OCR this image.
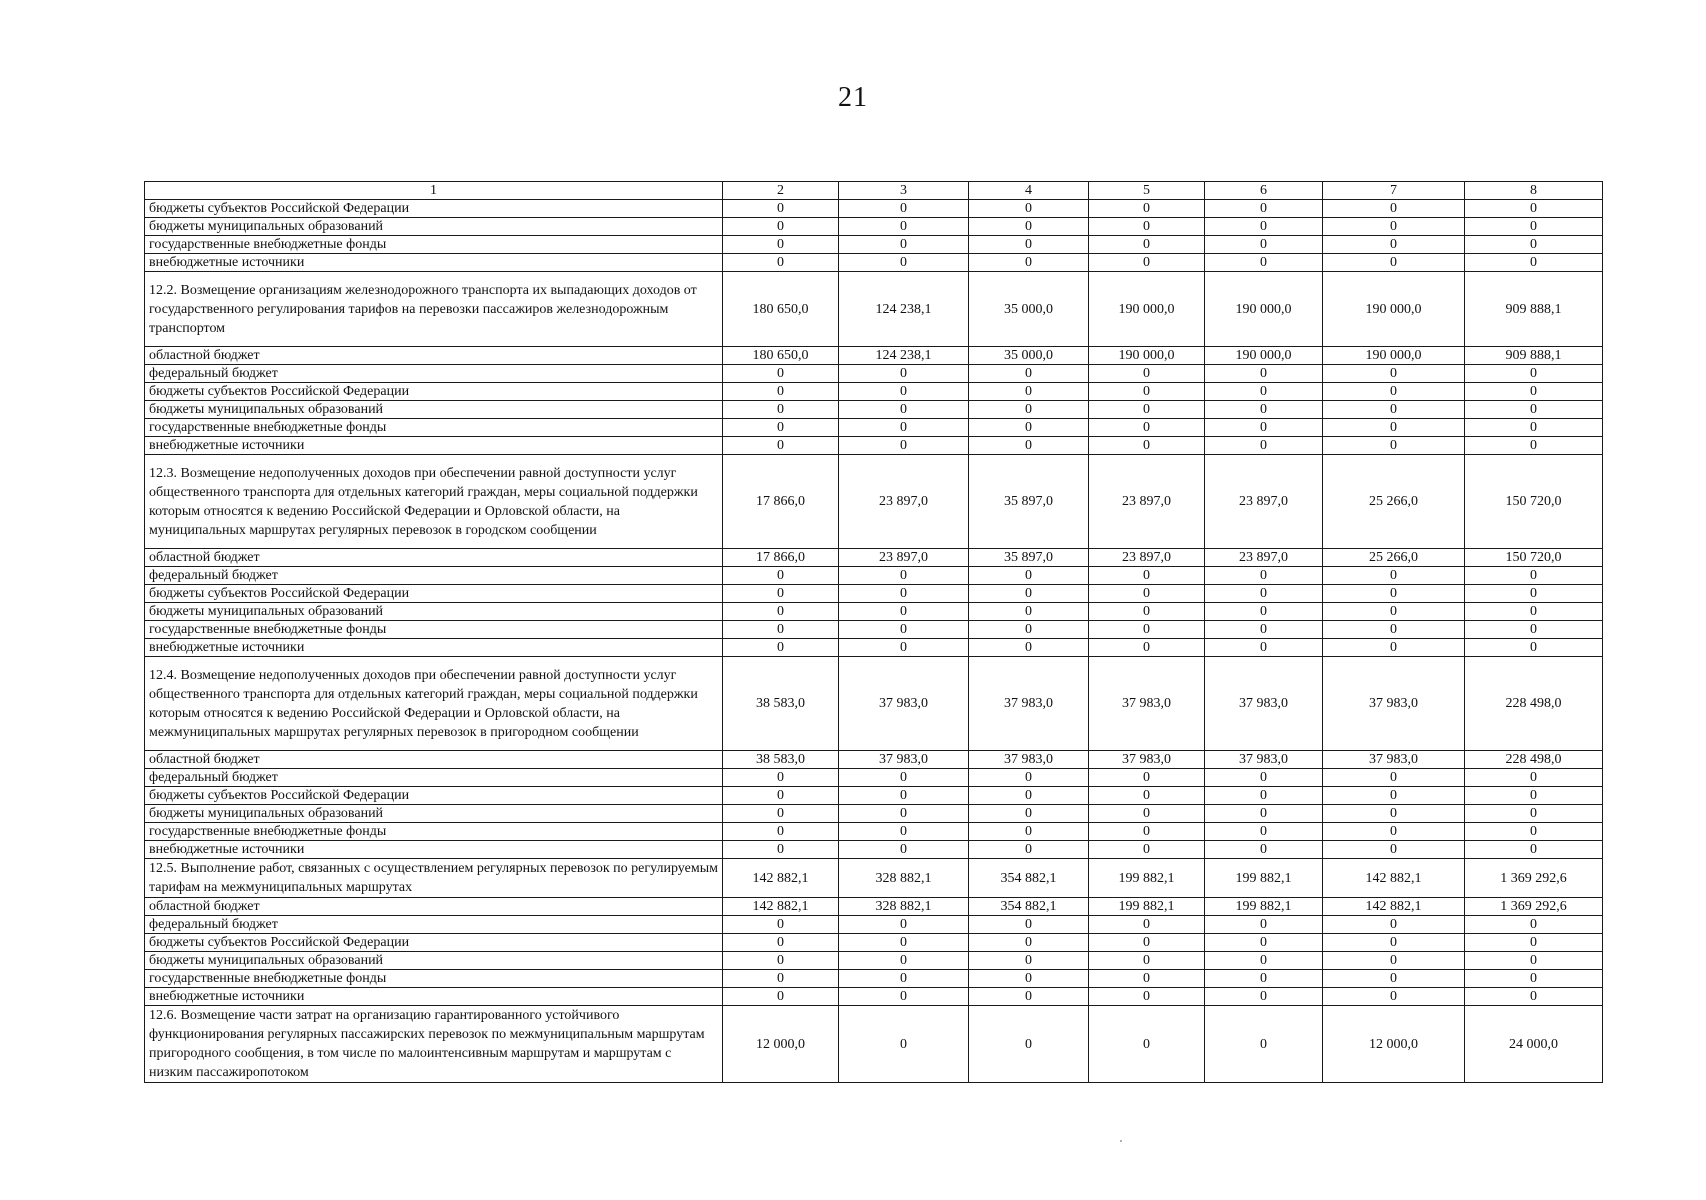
21
1	2	3	4	5	6	7	8
бюджеты субъектов Российской Федерации	0	0	0	0	0	0	0
бюджеты муниципальных образований	0	0	0	0	0	0	0
государственные внебюджетные фонды	0	0	0	0	0	0	0
внебюджетные источники	0	0	0	0	0	0	0
12.2. Возмещение организациям железнодорожного транспорта их выпадающих доходов от государственного регулирования тарифов на перевозки пассажиров железнодорожным транспортом	180 650,0	124 238,1	35 000,0	190 000,0	190 000,0	190 000,0	909 888,1
областной бюджет	180 650,0	124 238,1	35 000,0	190 000,0	190 000,0	190 000,0	909 888,1
федеральный бюджет	0	0	0	0	0	0	0
бюджеты субъектов Российской Федерации	0	0	0	0	0	0	0
бюджеты муниципальных образований	0	0	0	0	0	0	0
государственные внебюджетные фонды	0	0	0	0	0	0	0
внебюджетные источники	0	0	0	0	0	0	0
12.3. Возмещение недополученных доходов при обеспечении равной доступности услуг общественного транспорта для отдельных категорий граждан, меры социальной поддержки которым относятся к ведению Российской Федерации и Орловской области, на муниципальных маршрутах регулярных перевозок в городском сообщении	17 866,0	23 897,0	35 897,0	23 897,0	23 897,0	25 266,0	150 720,0
областной бюджет	17 866,0	23 897,0	35 897,0	23 897,0	23 897,0	25 266,0	150 720,0
федеральный бюджет	0	0	0	0	0	0	0
бюджеты субъектов Российской Федерации	0	0	0	0	0	0	0
бюджеты муниципальных образований	0	0	0	0	0	0	0
государственные внебюджетные фонды	0	0	0	0	0	0	0
внебюджетные источники	0	0	0	0	0	0	0
12.4. Возмещение недополученных доходов при обеспечении равной доступности услуг общественного транспорта для отдельных категорий граждан, меры социальной поддержки которым относятся к ведению Российской Федерации и Орловской области, на межмуниципальных маршрутах регулярных перевозок в пригородном сообщении	38 583,0	37 983,0	37 983,0	37 983,0	37 983,0	37 983,0	228 498,0
областной бюджет	38 583,0	37 983,0	37 983,0	37 983,0	37 983,0	37 983,0	228 498,0
федеральный бюджет	0	0	0	0	0	0	0
бюджеты субъектов Российской Федерации	0	0	0	0	0	0	0
бюджеты муниципальных образований	0	0	0	0	0	0	0
государственные внебюджетные фонды	0	0	0	0	0	0	0
внебюджетные источники	0	0	0	0	0	0	0
12.5. Выполнение работ, связанных с осуществлением регулярных перевозок по регулируемым тарифам на межмуниципальных маршрутах	142 882,1	328 882,1	354 882,1	199 882,1	199 882,1	142 882,1	1 369 292,6
областной бюджет	142 882,1	328 882,1	354 882,1	199 882,1	199 882,1	142 882,1	1 369 292,6
федеральный бюджет	0	0	0	0	0	0	0
бюджеты субъектов Российской Федерации	0	0	0	0	0	0	0
бюджеты муниципальных образований	0	0	0	0	0	0	0
государственные внебюджетные фонды	0	0	0	0	0	0	0
внебюджетные источники	0	0	0	0	0	0	0
12.6. Возмещение части затрат на организацию гарантированного устойчивого функционирования регулярных пассажирских перевозок по межмуниципальным маршрутам пригородного сообщения, в том числе по малоинтенсивным маршрутам и маршрутам с низким пассажиропотоком	12 000,0	0	0	0	0	12 000,0	24 000,0
